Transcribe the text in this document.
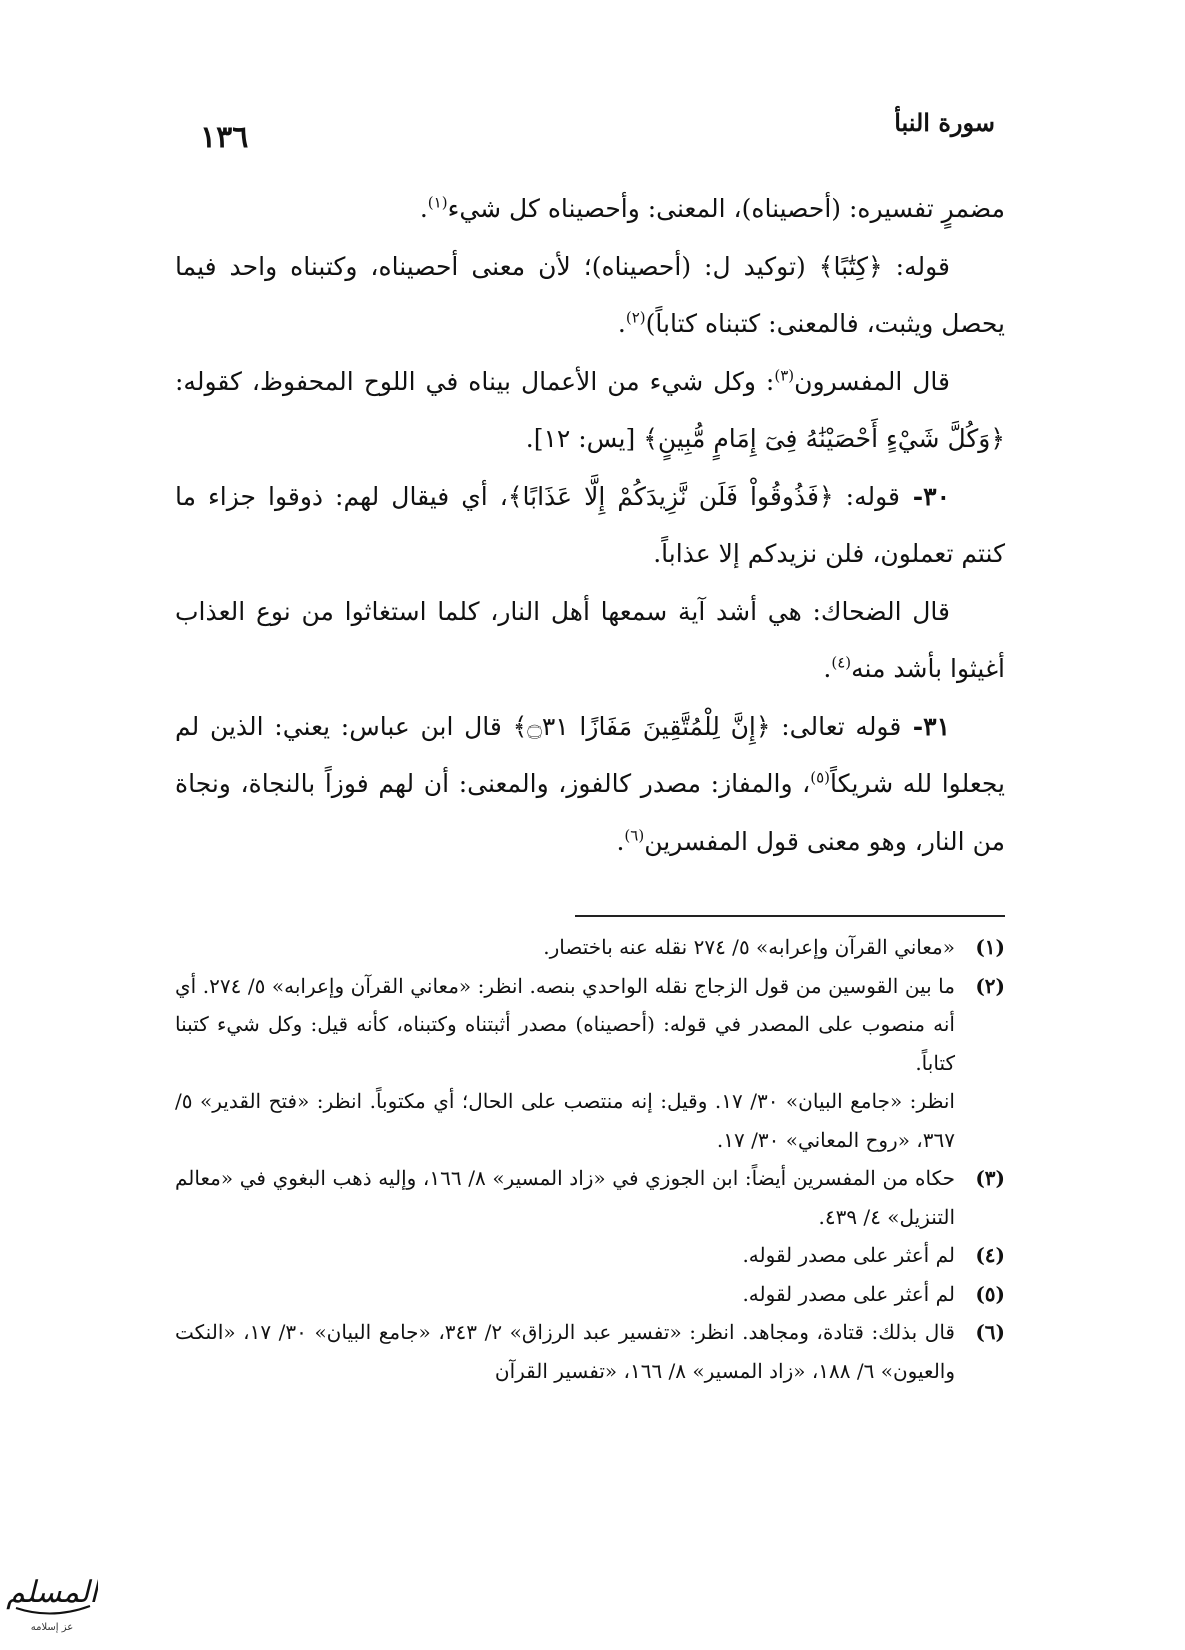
سورة النبأ
١٣٦

مضمرٍ تفسيره: (أحصيناه)، المعنى: وأحصيناه كل شيء$^{(١)}$.

قوله: ﴿كِتَٰبًا﴾ (توكيد ل: (أحصيناه)؛ لأن معنى أحصيناه، وكتبناه واحد فيما يحصل ويثبت، فالمعنى: كتبناه كتاباً)$^{(٢)}$.

قال المفسرون$^{(٣)}$: وكل شيء من الأعمال بيناه في اللوح المحفوظ، كقوله: ﴿وَكُلَّ شَيْءٍ أَحْصَيْنَٰهُ فِىٓ إِمَامٍ مُّبِينٍ﴾ [يس: ١٢].

٣٠- قوله: ﴿فَذُوقُواْ فَلَن نَّزِيدَكُمْ إِلَّا عَذَابًا﴾، أي فيقال لهم: ذوقوا جزاء ما كنتم تعملون، فلن نزيدكم إلا عذاباً.

قال الضحاك: هي أشد آية سمعها أهل النار، كلما استغاثوا من نوع العذاب أغيثوا بأشد منه$^{(٤)}$.

٣١- قوله تعالى: ﴿إِنَّ لِلْمُتَّقِينَ مَفَازًا ۝٣١﴾ قال ابن عباس: يعني: الذين لم يجعلوا لله شريكاً$^{(٥)}$، والمفاز: مصدر كالفوز، والمعنى: أن لهم فوزاً بالنجاة، ونجاة من النار، وهو معنى قول المفسرين$^{(٦)}$.

(١)
«معاني القرآن وإعرابه» ٥/ ٢٧٤ نقله عنه باختصار.
(٢)
ما بين القوسين من قول الزجاج نقله الواحدي بنصه. انظر: «معاني القرآن وإعرابه» ٥/ ٢٧٤. أي أنه منصوب على المصدر في قوله: (أحصيناه) مصدر أثبتناه وكتبناه، كأنه قيل: وكل شيء كتبنا كتاباً.
انظر: «جامع البيان» ٣٠/ ١٧. وقيل: إنه منتصب على الحال؛ أي مكتوباً. انظر: «فتح القدير» ٥/ ٣٦٧، «روح المعاني» ٣٠/ ١٧.
(٣)
حكاه من المفسرين أيضاً: ابن الجوزي في «زاد المسير» ٨/ ١٦٦، وإليه ذهب البغوي في «معالم التنزيل» ٤/ ٤٣٩.
(٤)
لم أعثر على مصدر لقوله.
(٥)
لم أعثر على مصدر لقوله.
(٦)
قال بذلك: قتادة، ومجاهد. انظر: «تفسير عبد الرزاق» ٢/ ٣٤٣، «جامع البيان» ٣٠/ ١٧، «النكت والعيون» ٦/ ١٨٨، «زاد المسير» ٨/ ١٦٦، «تفسير القرآن
المسلم
عز إسلامه
